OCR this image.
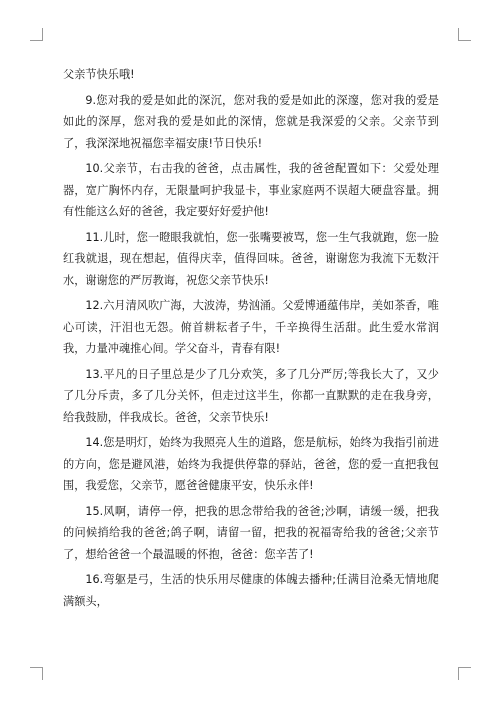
父亲节快乐哦!

9.您对我的爱是如此的深沉，您对我的爱是如此的深邃，您对我的爱是如此的深厚，您对我的爱是如此的深情，您就是我深爱的父亲。父亲节到了，我深深地祝福您幸福安康!节日快乐!

10.父亲节，右击我的爸爸，点击属性，我的爸爸配置如下：父爱处理器，宽广胸怀内存，无限量呵护我显卡，事业家庭两不误超大硬盘容量。拥有性能这么好的爸爸，我定要好好爱护他!

11.儿时，您一瞪眼我就怕，您一张嘴要被骂，您一生气我就跑，您一脸红我就退，现在想起，值得庆幸，值得回味。爸爸，谢谢您为我流下无数汗水，谢谢您的严厉教诲，祝您父亲节快乐!

12.六月清风吹广海，大波涛，势汹涌。父爱博通蕴伟岸，美如茶香，唯心可读，汗泪也无怨。俯首耕耘者子牛，千辛换得生活甜。此生爱水常润我，力量冲魂推心间。学父奋斗，青春有限!

13.平凡的日子里总是少了几分欢笑，多了几分严厉;等我长大了，又少了几分斥责，多了几分关怀，但走过这半生，你都一直默默的走在我身旁，给我鼓励，伴我成长。爸爸，父亲节快乐!

14.您是明灯，始终为我照亮人生的道路，您是航标，始终为我指引前进的方向，您是避风港，始终为我提供停靠的驿站，爸爸，您的爱一直把我包围，我爱您，父亲节，愿爸爸健康平安，快乐永伴!

15.风啊，请停一停，把我的思念带给我的爸爸;沙啊，请缓一缓，把我的问候捎给我的爸爸;鸽子啊，请留一留，把我的祝福寄给我的爸爸;父亲节了，想给爸爸一个最温暖的怀抱，爸爸：您辛苦了!

16.弯躯是弓，生活的快乐用尽健康的体魄去播种;任满目沧桑无情地爬满额头，
